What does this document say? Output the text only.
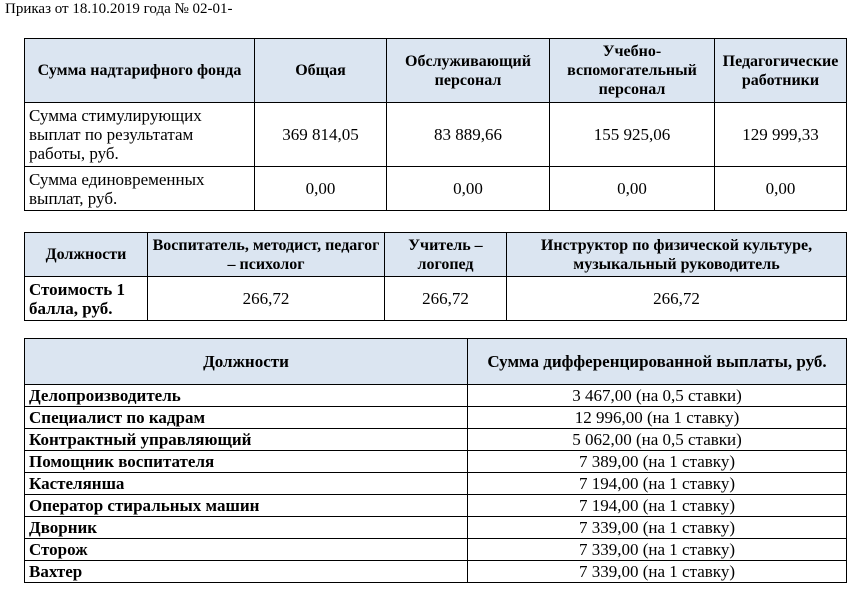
Приказ от 18.10.2019 года № 02-01-
Сумма надтарифного фонда	Общая	Обслуживающий персонал	Учебно-вспомогательный персонал	Педагогические работники
Сумма стимулирующих выплат по результатам работы, руб.	369 814,05	83 889,66	155 925,06	129 999,33
Сумма единовременных выплат, руб.	0,00	0,00	0,00	0,00
Должности	Воспитатель, методист, педагог – психолог	Учитель – логопед	Инструктор по физической культуре, музыкальный руководитель
Стоимость 1 балла, руб.	266,72	266,72	266,72
Должности	Сумма дифференцированной выплаты, руб.
Делопроизводитель	3 467,00 (на 0,5 ставки)
Специалист по кадрам	12 996,00 (на 1 ставку)
Контрактный управляющий	5 062,00 (на 0,5 ставки)
Помощник воспитателя	7 389,00 (на 1 ставку)
Кастелянша	7 194,00 (на 1 ставку)
Оператор стиральных машин	7 194,00 (на 1 ставку)
Дворник	7 339,00 (на 1 ставку)
Сторож	7 339,00 (на 1 ставку)
Вахтер	7 339,00 (на 1 ставку)
